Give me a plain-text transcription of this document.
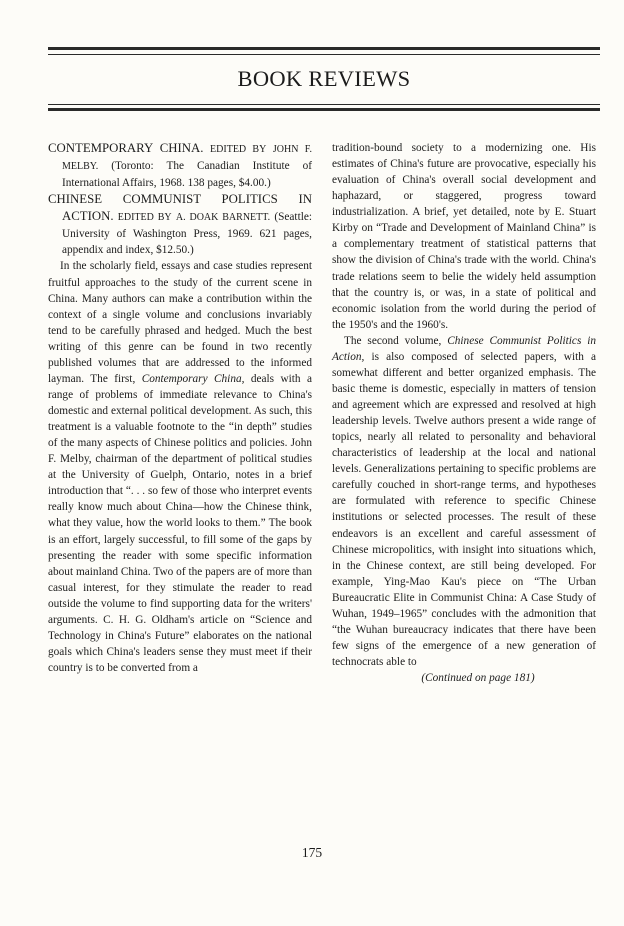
BOOK REVIEWS

CONTEMPORARY CHINA. EDITED BY JOHN F. MELBY. (Toronto: The Canadian Institute of International Affairs, 1968. 138 pages, $4.00.)

CHINESE COMMUNIST POLITICS IN ACTION. EDITED BY A. DOAK BARNETT. (Seattle: University of Washington Press, 1969. 621 pages, appendix and index, $12.50.)

In the scholarly field, essays and case studies represent fruitful approaches to the study of the current scene in China. Many authors can make a contribution within the context of a single volume and conclusions invariably tend to be carefully phrased and hedged. Much the best writing of this genre can be found in two recently published volumes that are addressed to the informed layman. The first, Contemporary China, deals with a range of problems of immediate relevance to China's domestic and external political development. As such, this treatment is a valuable footnote to the “in depth” studies of the many aspects of Chinese politics and policies. John F. Melby, chairman of the department of political studies at the University of Guelph, Ontario, notes in a brief introduction that “. . . so few of those who interpret events really know much about China—how the Chinese think, what they value, how the world looks to them.” The book is an effort, largely successful, to fill some of the gaps by presenting the reader with some specific information about mainland China. Two of the papers are of more than casual interest, for they stimulate the reader to read outside the volume to find supporting data for the writers' arguments. C. H. G. Oldham's article on “Science and Technology in China's Future” elaborates on the national goals which China's leaders sense they must meet if their country is to be converted from a

tradition-bound society to a modernizing one. His estimates of China's future are provocative, especially his evaluation of China's overall social development and haphazard, or staggered, progress toward industrialization. A brief, yet detailed, note by E. Stuart Kirby on “Trade and Development of Mainland China” is a complementary treatment of statistical patterns that show the division of China's trade with the world. China's trade relations seem to belie the widely held assumption that the country is, or was, in a state of political and economic isolation from the world during the period of the 1950's and the 1960's.

The second volume, Chinese Communist Politics in Action, is also composed of selected papers, with a somewhat different and better organized emphasis. The basic theme is domestic, especially in matters of tension and agreement which are expressed and resolved at high leadership levels. Twelve authors present a wide range of topics, nearly all related to personality and behavioral characteristics of leadership at the local and national levels. Generalizations pertaining to specific problems are carefully couched in short-range terms, and hypotheses are formulated with reference to specific Chinese institutions or selected processes. The result of these endeavors is an excellent and careful assessment of Chinese micropolitics, with insight into situations which, in the Chinese context, are still being developed. For example, Ying-Mao Kau's piece on “The Urban Bureaucratic Elite in Communist China: A Case Study of Wuhan, 1949–1965” concludes with the admonition that “the Wuhan bureaucracy indicates that there have been few signs of the emergence of a new generation of technocrats able to

(Continued on page 181)

175
